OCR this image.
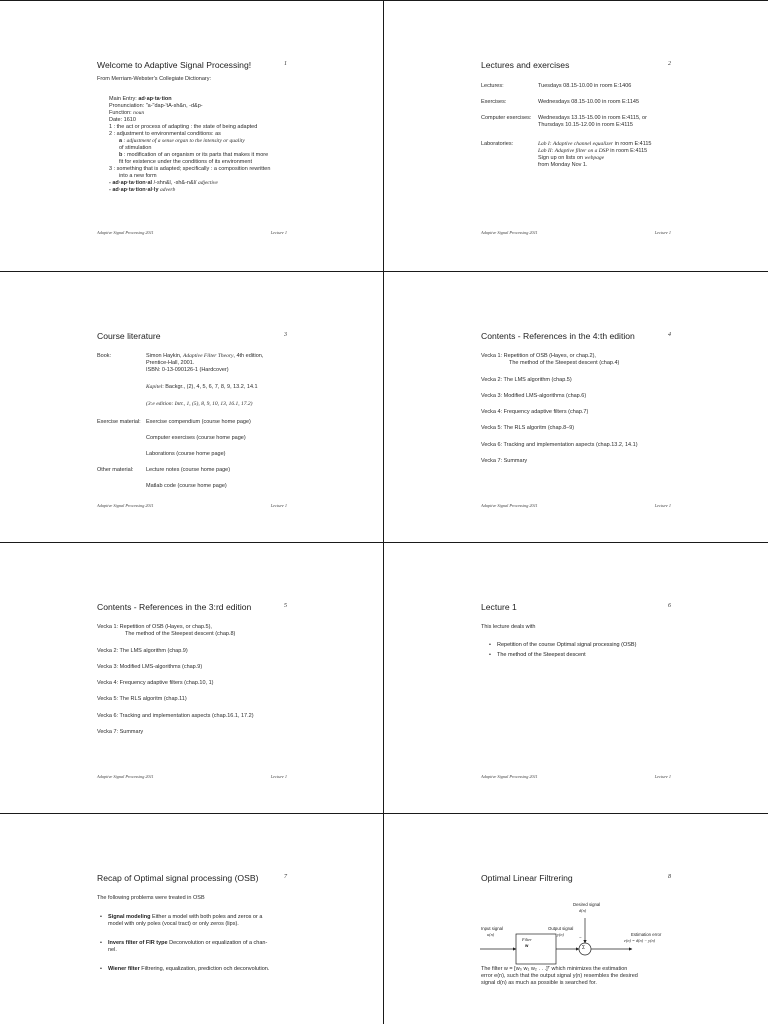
Welcome to Adaptive Signal Processing!	1
From Merriam-Webster's Collegiate Dictionary:
Main Entry: ad·ap·ta·tion
Pronunciation: "a-"dap-'tA-sh&n, -d&p-
Function: noun
Date: 1610
1 : the act or process of adapting : the state of being adapted
2 : adjustment to environmental conditions: as
a : adjustment of a sense organ to the intensity or quality
of stimulation
b : modification of an organism or its parts that makes it more
fit for existence under the conditions of its environment
3 : something that is adapted; specifically : a composition rewritten
into a new form
- ad·ap·ta·tion·al /-shn&l, -sh&-n&l/ adjective
- ad·ap·ta·tion·al·ly adverb
Adaptive Signal Processing 2011	Lecture 1
Lectures and exercises	2
Lectures:	Tuesdays 08.15-10.00 in room E:1406
Exercises:	Wednesdays 08.15-10.00 in room E:1145
Computer exercises: Wednesdays 13.15-15.00 in room E:4115, or
Thursdays 10.15-12.00 in room E:4115
Laboratories:	Lab I: Adaptive channel equalizer in room E:4115
Lab II: Adaptive filter on a DSP in room E:4115
Sign up on lists on webpage
from Monday Nov 1.
Adaptive Signal Processing 2011	Lecture 1
Course literature	3
Book:	Simon Haykin, Adaptive Filter Theory, 4th edition,
Prentice-Hall, 2001.
ISBN: 0-13-090126-1 (Hardcover)
Kapitel: Backgr., (2), 4, 5, 6, 7, 8, 9, 13.2, 14.1
(3:e edition: Intr., 1, (5), 8, 9, 10, 13, 16.1, 17.2)
Exercise material: Exercise compendium (course home page)
Computer exercises (course home page)
Laborations (course home page)
Other material: Lecture notes (course home page)
Matlab code (course home page)
Adaptive Signal Processing 2011	Lecture 1
Contents - References in the 4:th edition	4
Vecka 1: Repetition of OSB (Hayes, or chap.2),
The method of the Steepest descent (chap.4)
Vecka 2: The LMS algorithm (chap.5)
Vecka 3: Modified LMS-algorithms (chap.6)
Vecka 4: Frequency adaptive filters (chap.7)
Vecka 5: The RLS algoritm (chap.8–9)
Vecka 6: Tracking and implementation aspects (chap.13.2, 14.1)
Vecka 7: Summary
Adaptive Signal Processing 2011	Lecture 1
Contents - References in the 3:rd edition	5
Vecka 1: Repetition of OSB (Hayes, or chap.5),
The method of the Steepest descent (chap.8)
Vecka 2: The LMS algorithm (chap.9)
Vecka 3: Modified LMS-algorithms (chap.9)
Vecka 4: Frequency adaptive filters (chap.10, 1)
Vecka 5: The RLS algoritm (chap.11)
Vecka 6: Tracking and implementation aspects (chap.16.1, 17.2)
Vecka 7: Summary
Adaptive Signal Processing 2011	Lecture 1
Lecture 1	6
This lecture deals with
• Repetition of the course Optimal signal processing (OSB)
• The method of the Steepest descent
Adaptive Signal Processing 2011	Lecture 1
Recap of Optimal signal processing (OSB)	7
The following problems were treated in OSB
• Signal modeling Either a model with both poles and zeros or a
model with only poles (vocal tract) or only zeros (lips).
• Invers filter of FIR type Deconvolution or equalization of a chan-
nel.
• Wiener filter Filtrering, equalization, prediction och deconvolution.
Optimal Linear Filtrering	8
Desired signal
d(n)
Input signal
u(n)
Filter
w
Output signal
y(n)
Σ
−
Estimation error
e(n) = d(n) − y(n)
The filter w = [w₀ w₁ w₂ . . .]ᵀ which minimizes the estimation
error e(n), such that the output signal y(n) resembles the desired
signal d(n) as much as possible is searched for.
